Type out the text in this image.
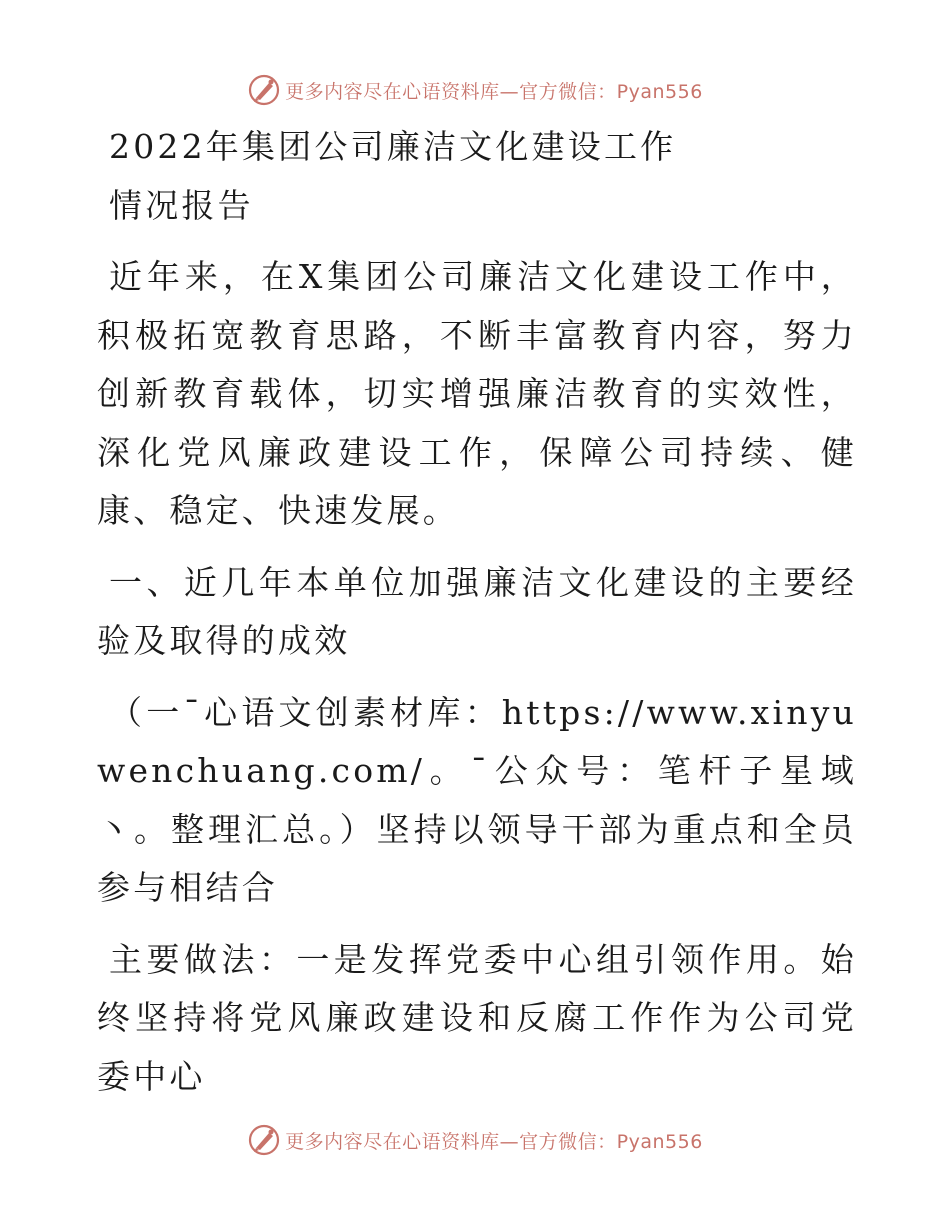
更多内容尽在心语资料库—官方微信：Pyan556

2022年集团公司廉洁文化建设工作

情况报告

近年来，在X集团公司廉洁文化建设工作中，积极拓宽教育思路，不断丰富教育内容，努力创新教育载体，切实增强廉洁教育的实效性，深化党风廉政建设工作，保障公司持续、健康、稳定、快速发展。

一、近几年本单位加强廉洁文化建设的主要经验及取得的成效

（一¯心语文创素材库：https://www.xinyuwenchuang.com/。¯公众号：笔杆子星域丶。整理汇总。）坚持以领导干部为重点和全员参与相结合

主要做法：一是发挥党委中心组引领作用。始终坚持将党风廉政建设和反腐工作作为公司党委中心

更多内容尽在心语资料库—官方微信：Pyan556
